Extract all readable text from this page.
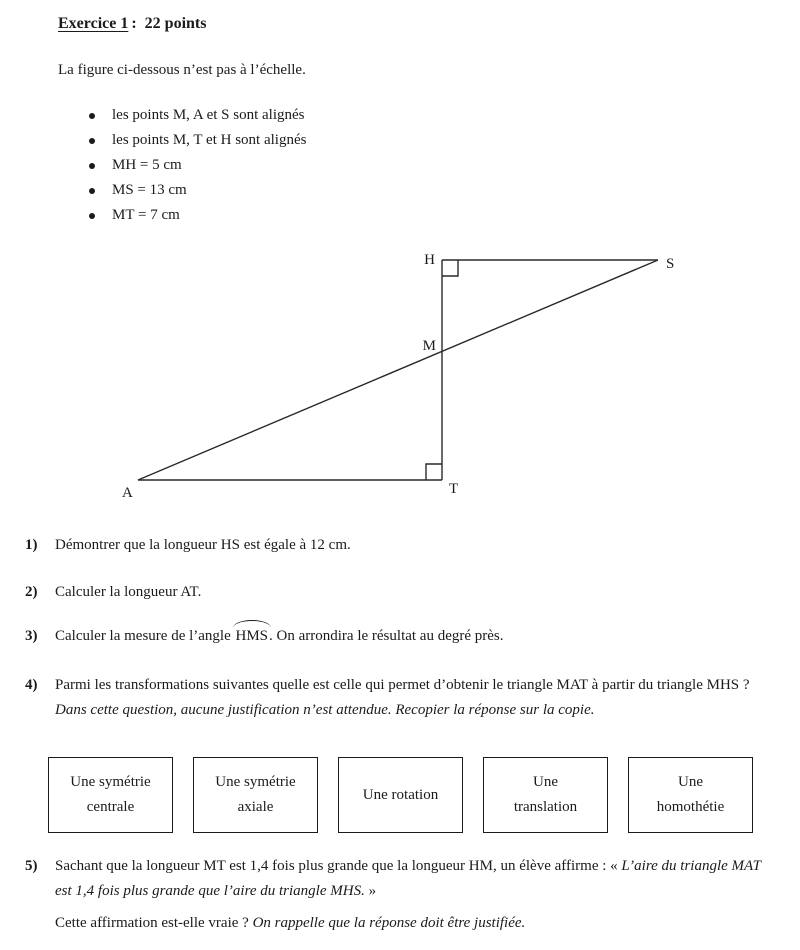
Exercice 1 : 22 points
La figure ci-dessous n’est pas à l’échelle.
les points M, A et S sont alignés
les points M, T et H sont alignés
MH = 5 cm
MS = 13 cm
MT = 7 cm
H	S
M
A	T
1) Démontrer que la longueur HS est égale à 12 cm.
2) Calculer la longueur AT.
3) Calculer la mesure de l’angle HMS. On arrondira le résultat au degré près.
4) Parmi les transformations suivantes quelle est celle qui permet d’obtenir le triangle MAT à partir du triangle MHS ? Dans cette question, aucune justification n’est attendue. Recopier la réponse sur la copie.
Une symétrie
centrale
Une symétrie
axiale
Une rotation
Une
translation
Une
homothétie
5) Sachant que la longueur MT est 1,4 fois plus grande que la longueur HM, un élève affirme : « L’aire du triangle MAT est 1,4 fois plus grande que l’aire du triangle MHS. »
Cette affirmation est-elle vraie ? On rappelle que la réponse doit être justifiée.
